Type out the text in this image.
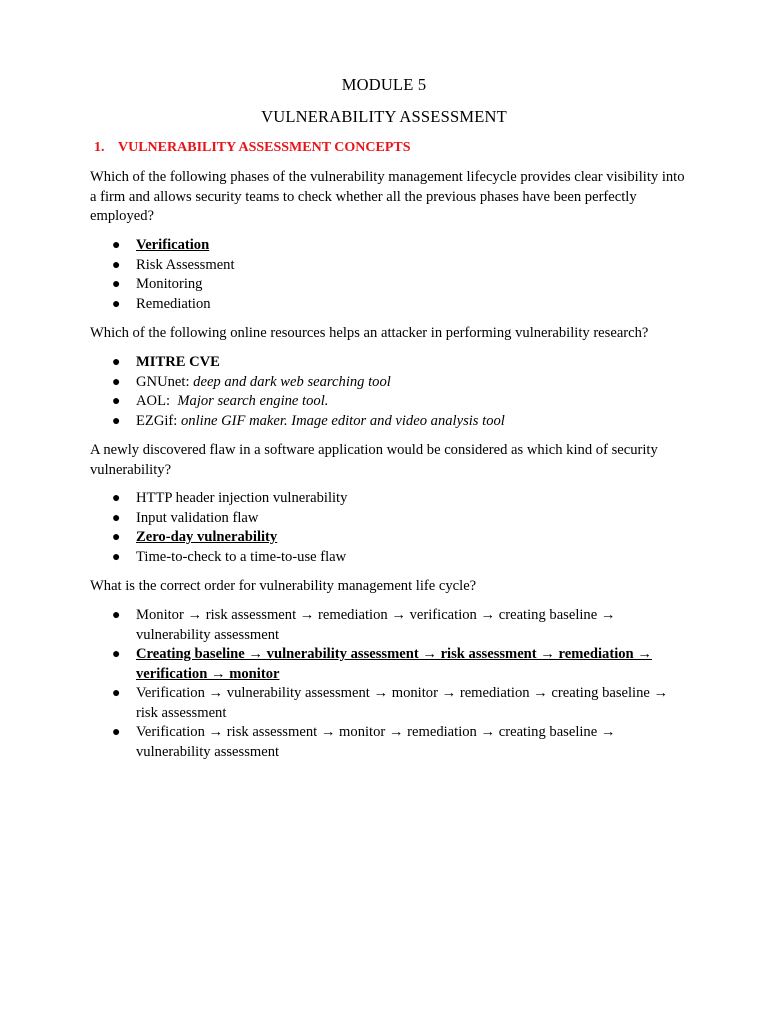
MODULE 5
VULNERABILITY ASSESSMENT
1. VULNERABILITY ASSESSMENT CONCEPTS
Which of the following phases of the vulnerability management lifecycle provides clear visibility into a firm and allows security teams to check whether all the previous phases have been perfectly employed?
● Verification
● Risk Assessment
● Monitoring
● Remediation
Which of the following online resources helps an attacker in performing vulnerability research?
● MITRE CVE
● GNUnet: deep and dark web searching tool
● AOL: Major search engine tool.
● EZGif: online GIF maker. Image editor and video analysis tool
A newly discovered flaw in a software application would be considered as which kind of security vulnerability?
● HTTP header injection vulnerability
● Input validation flaw
● Zero-day vulnerability
● Time-to-check to a time-to-use flaw
What is the correct order for vulnerability management life cycle?
● Monitor → risk assessment → remediation → verification → creating baseline → vulnerability assessment
● Creating baseline → vulnerability assessment → risk assessment → remediation → verification → monitor
● Verification → vulnerability assessment → monitor → remediation → creating baseline → risk assessment
● Verification → risk assessment → monitor → remediation → creating baseline → vulnerability assessment
